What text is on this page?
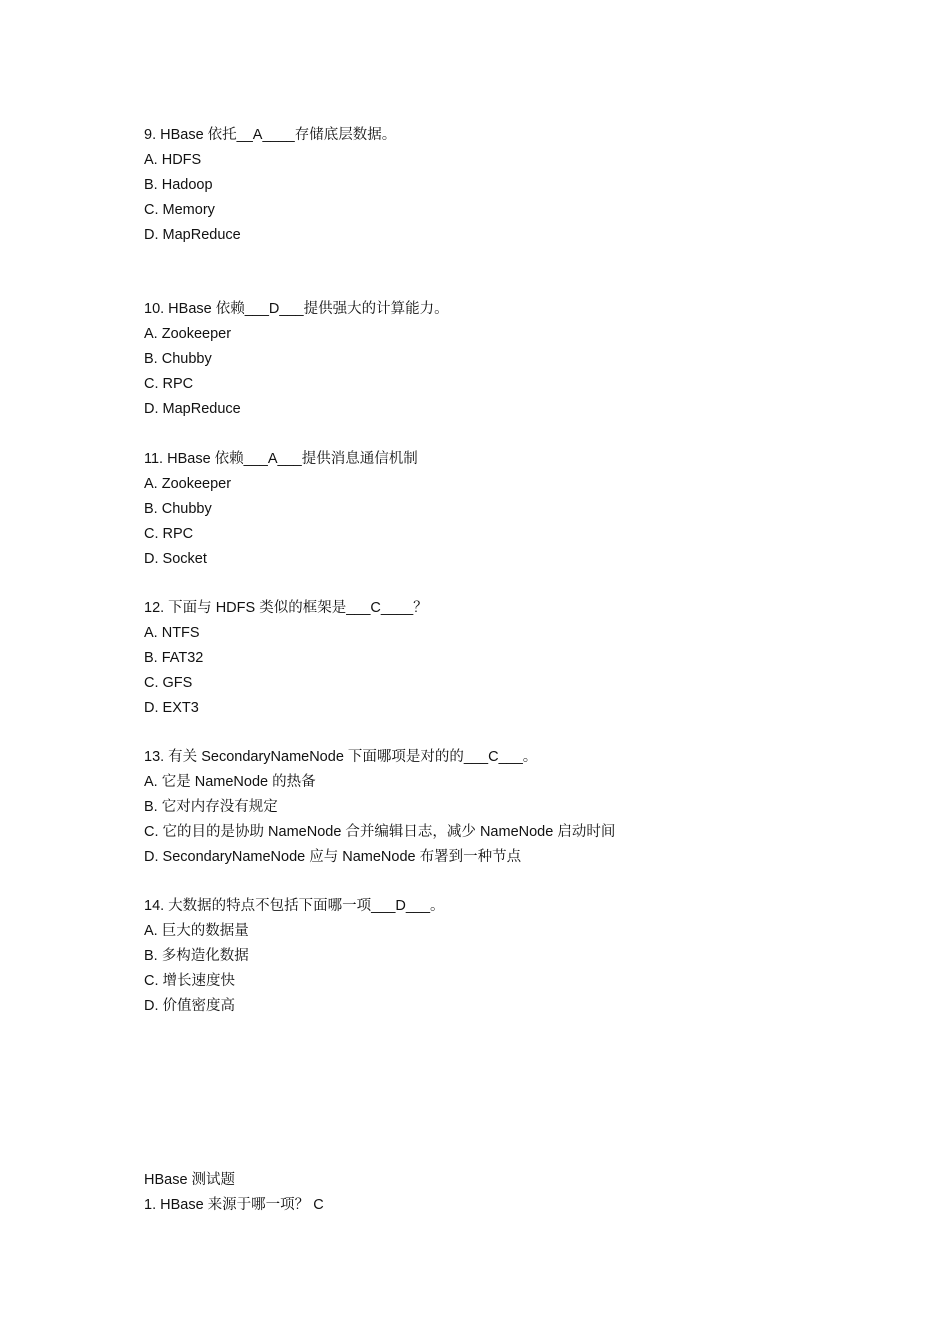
9. HBase 依托__A____存储底层数据。
A. HDFS
B. Hadoop
C. Memory
D. MapReduce
10. HBase 依赖___D___提供强大的计算能力。
A. Zookeeper
B. Chubby
C. RPC
D. MapReduce
11. HBase 依赖___A___提供消息通信机制
A. Zookeeper
B. Chubby
C. RPC
D. Socket
12. 下面与 HDFS 类似的框架是___C____？
A. NTFS
B. FAT32
C. GFS
D. EXT3
13. 有关 SecondaryNameNode 下面哪项是对的的___C___。
A. 它是 NameNode 的热备
B. 它对内存没有规定
C. 它的目的是协助 NameNode 合并编辑日志，减少 NameNode 启动时间
D. SecondaryNameNode 应与 NameNode 布署到一种节点
14. 大数据的特点不包括下面哪一项___D___。
A. 巨大的数据量
B. 多构造化数据
C. 增长速度快
D. 价值密度高
HBase 测试题
1. HBase 来源于哪一项？ C
